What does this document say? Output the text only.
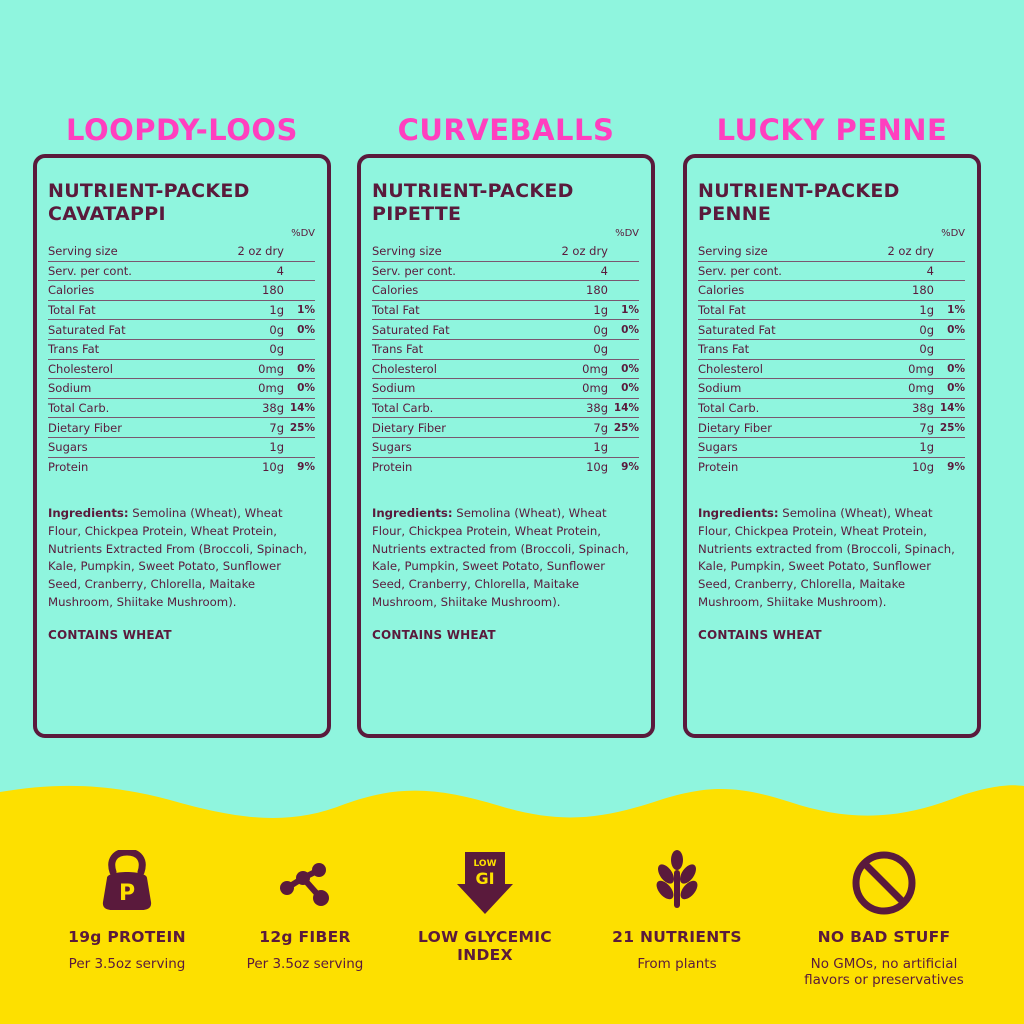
LOOPDY-LOOS
NUTRIENT-PACKED
CAVATAPPI
%DV
Serving size	2 oz dry
Serv. per cont.	4
Calories	180
Total Fat	1g	1%
Saturated Fat	0g	0%
Trans Fat	0g
Cholesterol	0mg	0%
Sodium	0mg	0%
Total Carb.	38g 14%
Dietary Fiber	7g 25%
Sugars	1g
Protein	10g	9%
Ingredients: Semolina (Wheat), Wheat Flour, Chickpea Protein, Wheat Protein, Nutrients Extracted From (Broccoli, Spinach, Kale, Pumpkin, Sweet Potato, Sunflower Seed, Cranberry, Chlorella, Maitake Mushroom, Shiitake Mushroom).
CONTAINS WHEAT
CURVEBALLS
NUTRIENT-PACKED
PIPETTE
%DV
Serving size	2 oz dry
Serv. per cont.	4
Calories	180
Total Fat	1g	1%
Saturated Fat	0g	0%
Trans Fat	0g
Cholesterol	0mg	0%
Sodium	0mg	0%
Total Carb.	38g 14%
Dietary Fiber	7g 25%
Sugars	1g
Protein	10g	9%
Ingredients: Semolina (Wheat), Wheat Flour, Chickpea Protein, Wheat Protein, Nutrients extracted from (Broccoli, Spinach, Kale, Pumpkin, Sweet Potato, Sunflower Seed, Cranberry, Chlorella, Maitake Mushroom, Shiitake Mushroom).
CONTAINS WHEAT
LUCKY PENNE
NUTRIENT-PACKED
PENNE
%DV
Serving size	2 oz dry
Serv. per cont.	4
Calories	180
Total Fat	1g	1%
Saturated Fat	0g	0%
Trans Fat	0g
Cholesterol	0mg	0%
Sodium	0mg	0%
Total Carb.	38g 14%
Dietary Fiber	7g 25%
Sugars	1g
Protein	10g	9%
Ingredients: Semolina (Wheat), Wheat Flour, Chickpea Protein, Wheat Protein, Nutrients extracted from (Broccoli, Spinach, Kale, Pumpkin, Sweet Potato, Sunflower Seed, Cranberry, Chlorella, Maitake Mushroom, Shiitake Mushroom).
CONTAINS WHEAT
P
19g PROTEIN
Per 3.5oz serving
12g FIBER
Per 3.5oz serving
LOW
GI
LOW GLYCEMIC INDEX
21 NUTRIENTS
From plants
NO BAD STUFF
No GMOs, no artificial flavors or preservatives
